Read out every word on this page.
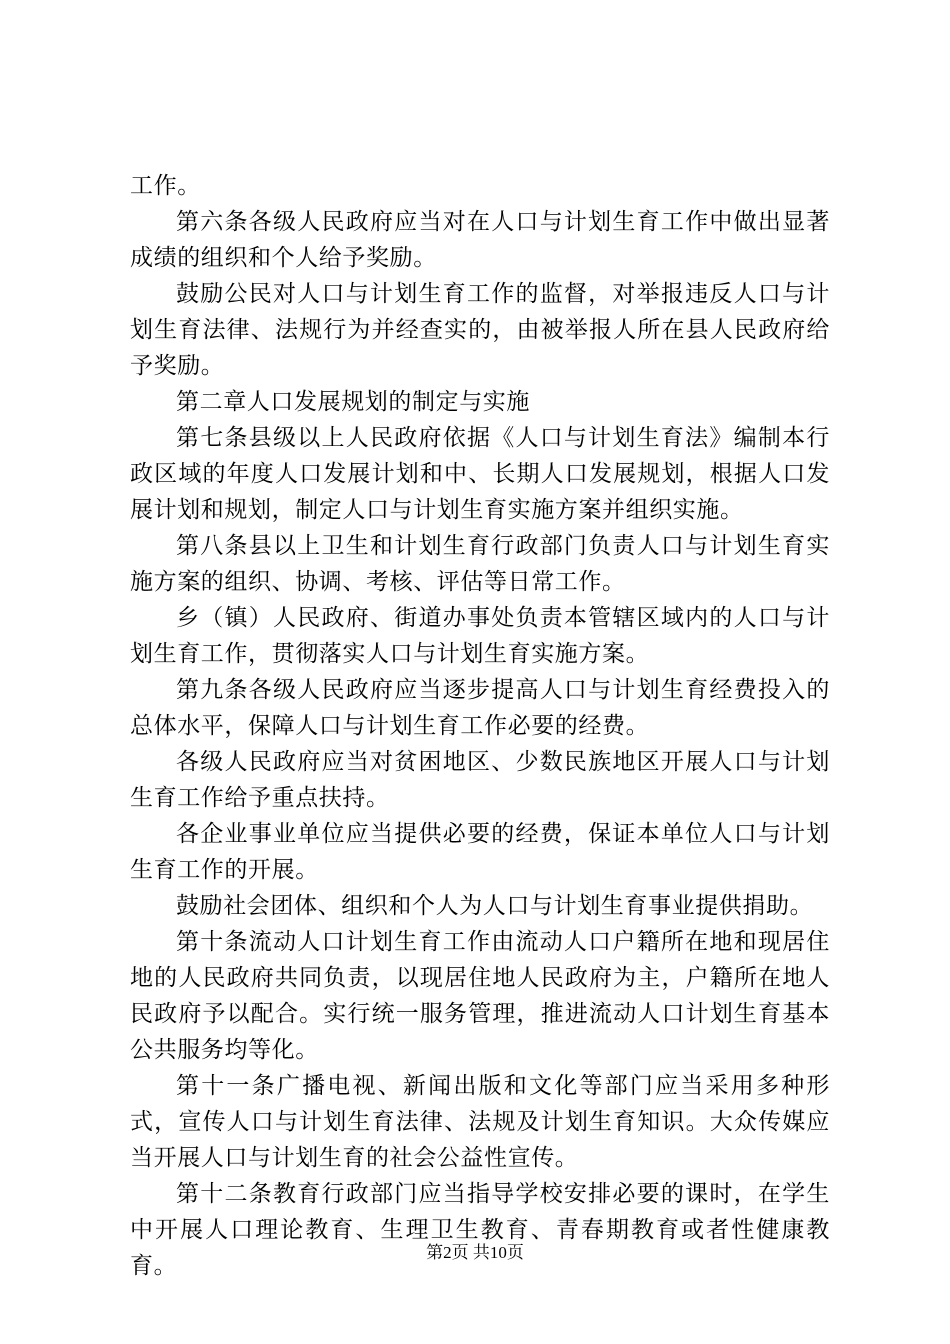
工作。

第六条各级人民政府应当对在人口与计划生育工作中做出显著成绩的组织和个人给予奖励。

鼓励公民对人口与计划生育工作的监督，对举报违反人口与计划生育法律、法规行为并经查实的，由被举报人所在县人民政府给予奖励。

第二章人口发展规划的制定与实施

第七条县级以上人民政府依据《人口与计划生育法》编制本行政区域的年度人口发展计划和中、长期人口发展规划，根据人口发展计划和规划，制定人口与计划生育实施方案并组织实施。

第八条县以上卫生和计划生育行政部门负责人口与计划生育实施方案的组织、协调、考核、评估等日常工作。

乡（镇）人民政府、街道办事处负责本管辖区域内的人口与计划生育工作，贯彻落实人口与计划生育实施方案。

第九条各级人民政府应当逐步提高人口与计划生育经费投入的总体水平，保障人口与计划生育工作必要的经费。

各级人民政府应当对贫困地区、少数民族地区开展人口与计划生育工作给予重点扶持。

各企业事业单位应当提供必要的经费，保证本单位人口与计划生育工作的开展。

鼓励社会团体、组织和个人为人口与计划生育事业提供捐助。

第十条流动人口计划生育工作由流动人口户籍所在地和现居住地的人民政府共同负责，以现居住地人民政府为主，户籍所在地人民政府予以配合。实行统一服务管理，推进流动人口计划生育基本公共服务均等化。

第十一条广播电视、新闻出版和文化等部门应当采用多种形式，宣传人口与计划生育法律、法规及计划生育知识。大众传媒应当开展人口与计划生育的社会公益性宣传。

第十二条教育行政部门应当指导学校安排必要的课时，在学生中开展人口理论教育、生理卫生教育、青春期教育或者性健康教育。

第2页 共10页
